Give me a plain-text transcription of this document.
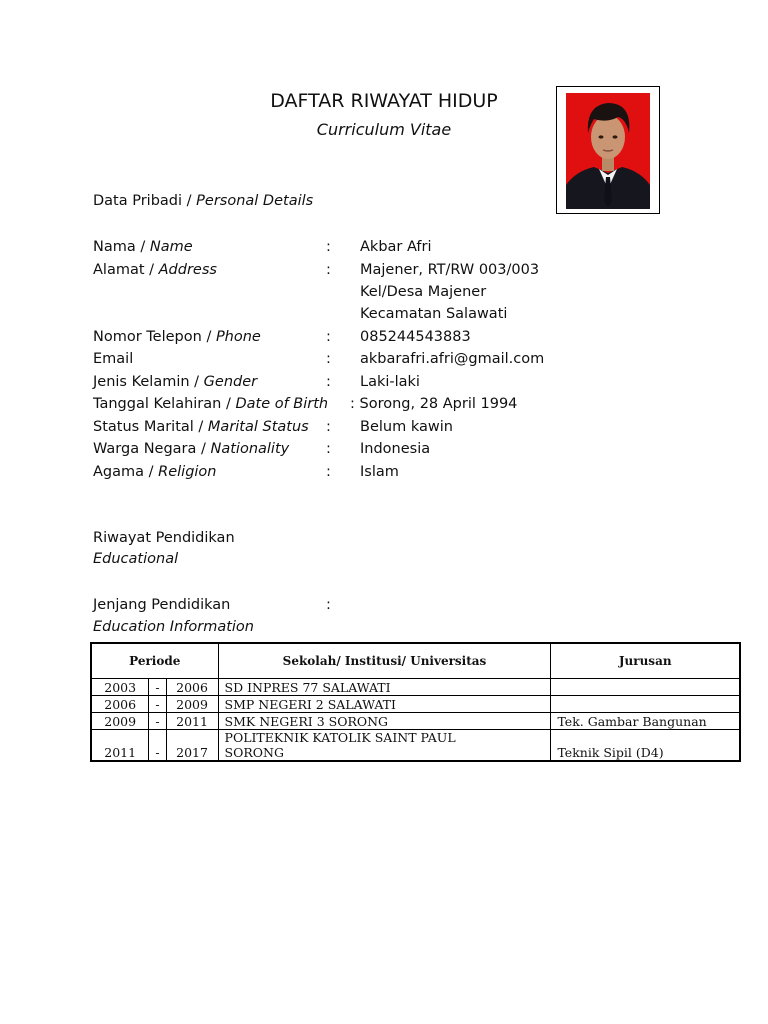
DAFTAR RIWAYAT HIDUP
Curriculum Vitae
Data Pribadi / Personal Details
Nama / Name	: Akbar Afri
Alamat / Address	: Majener, RT/RW 003/003
Kel/Desa Majener
Kecamatan Salawati
Nomor Telepon / Phone	: 085244543883
Email	: akbarafri.afri@gmail.com
Jenis Kelamin / Gender	: Laki-laki
Tanggal Kelahiran / Date of Birth : Sorong, 28 April 1994
Status Marital / Marital Status : Belum kawin
Warga Negara / Nationality	: Indonesia
Agama / Religion	: Islam
Riwayat Pendidikan
Educational
Jenjang Pendidikan	:
Education Information
Periode			Sekolah/ Institusi/ Universitas	Jurusan
2003	-	2006	SD INPRES 77 SALAWATI	
2006	-	2009	SMP NEGERI 2 SALAWATI	
2009	-	2011	SMK NEGERI 3 SORONG	Tek. Gambar Bangunan
2011	-	2017	POLITEKNIK KATOLIK SAINT PAUL
SORONG	Teknik Sipil (D4)
